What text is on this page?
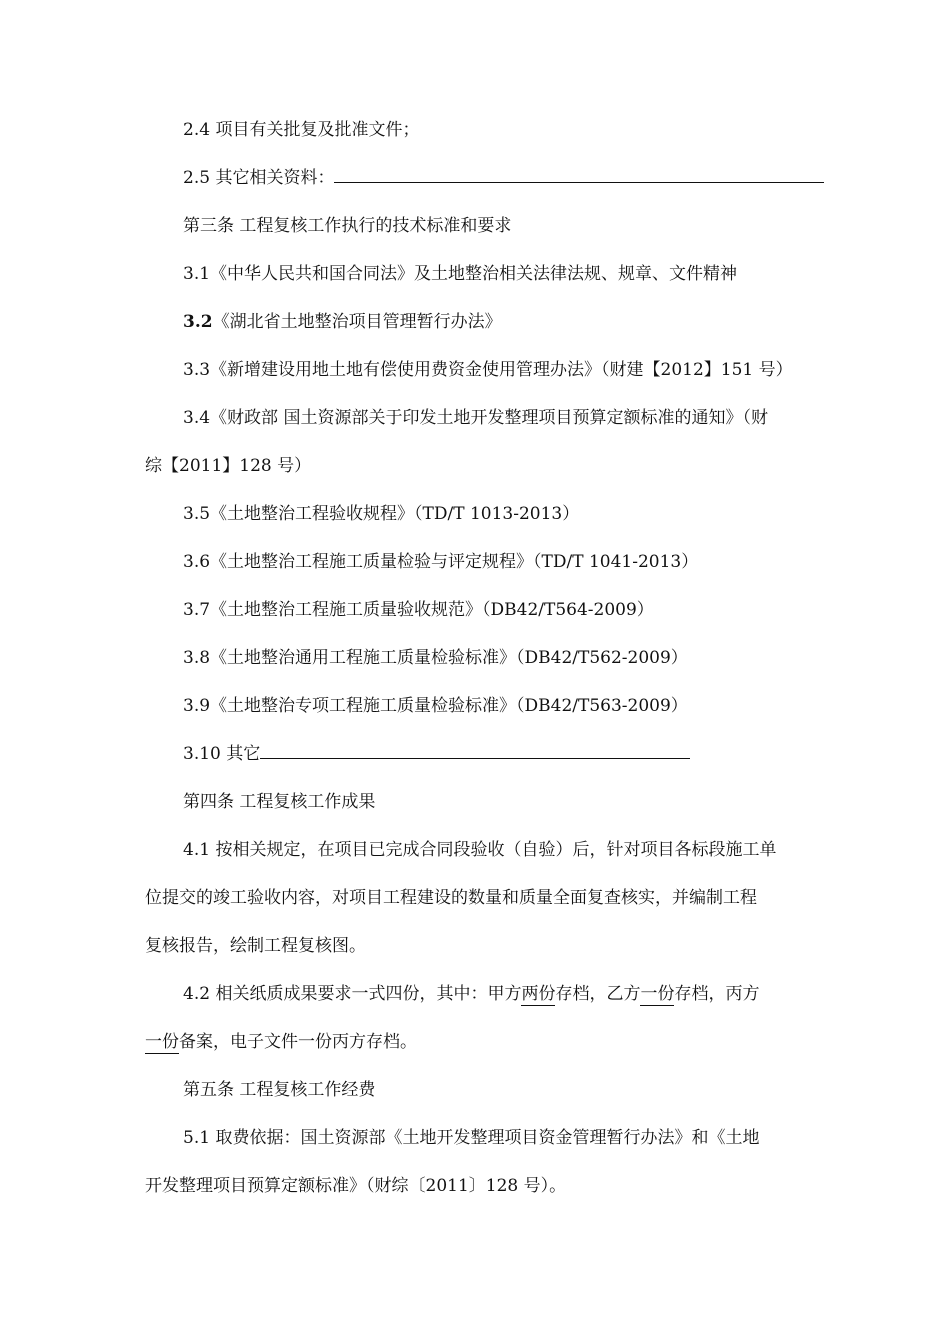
2.4 项目有关批复及批准文件；
2.5 其它相关资料：
第三条 工程复核工作执行的技术标准和要求
3.1《中华人民共和国合同法》及土地整治相关法律法规、规章、文件精神
3.2《湖北省土地整治项目管理暂行办法》
3.3《新增建设用地土地有偿使用费资金使用管理办法》（财建【2012】151 号）
3.4《财政部 国土资源部关于印发土地开发整理项目预算定额标准的通知》（财
综【2011】128 号）
3.5《土地整治工程验收规程》（TD/T 1013-2013）
3.6《土地整治工程施工质量检验与评定规程》（TD/T 1041-2013）
3.7《土地整治工程施工质量验收规范》（DB42/T564-2009）
3.8《土地整治通用工程施工质量检验标准》（DB42/T562-2009）
3.9《土地整治专项工程施工质量检验标准》（DB42/T563-2009）
3.10 其它
第四条 工程复核工作成果
4.1 按相关规定，在项目已完成合同段验收（自验）后，针对项目各标段施工单
位提交的竣工验收内容，对项目工程建设的数量和质量全面复查核实，并编制工程
复核报告，绘制工程复核图。
4.2 相关纸质成果要求一式四份，其中：甲方两份存档，乙方一份存档，丙方
一份备案，电子文件一份丙方存档。
第五条 工程复核工作经费
5.1 取费依据：国土资源部《土地开发整理项目资金管理暂行办法》和《土地
开发整理项目预算定额标准》（财综〔2011〕128 号）。
